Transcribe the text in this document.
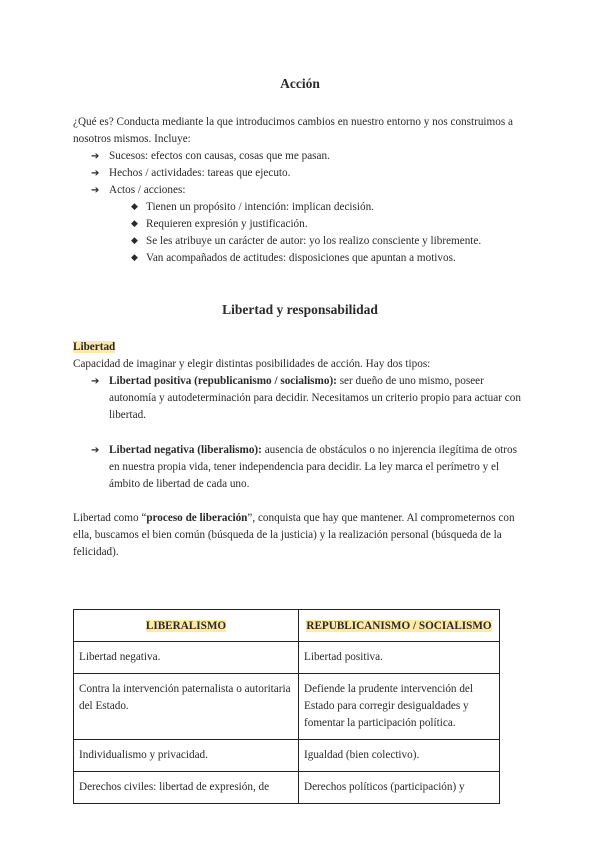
Acción

¿Qué es? Conducta mediante la que introducimos cambios en nuestro entorno y nos construimos a nosotros mismos. Incluye:

➔ Sucesos: efectos con causas, cosas que me pasan.
➔ Hechos / actividades: tareas que ejecuto.
➔ Actos / acciones:
◆ Tienen un propósito / intención: implican decisión.
◆ Requieren expresión y justificación.
◆ Se les atribuye un carácter de autor: yo los realizo consciente y libremente.
◆ Van acompañados de actitudes: disposiciones que apuntan a motivos.
Libertad y responsabilidad

Libertad

Capacidad de imaginar y elegir distintas posibilidades de acción. Hay dos tipos:

➔ Libertad positiva (republicanismo / socialismo): ser dueño de uno mismo, poseer autonomía y autodeterminación para decidir. Necesitamos un criterio propio para actuar con libertad.
➔ Libertad negativa (liberalismo): ausencia de obstáculos o no injerencia ilegítima de otros en nuestra propia vida, tener independencia para decidir. La ley marca el perímetro y el ámbito de libertad de cada uno.

Libertad como “proceso de liberación”, conquista que hay que mantener. Al comprometernos con ella, buscamos el bien común (búsqueda de la justicia) y la realización personal (búsqueda de la felicidad).

LIBERALISMO	REPUBLICANISMO / SOCIALISMO
Libertad negativa.	Libertad positiva.
Contra la intervención paternalista o autoritaria del Estado.	Defiende la prudente intervención del Estado para corregir desigualdades y fomentar la participación política.
Individualismo y privacidad.	Igualdad (bien colectivo).
Derechos civiles: libertad de expresión, de	Derechos políticos (participación) y
